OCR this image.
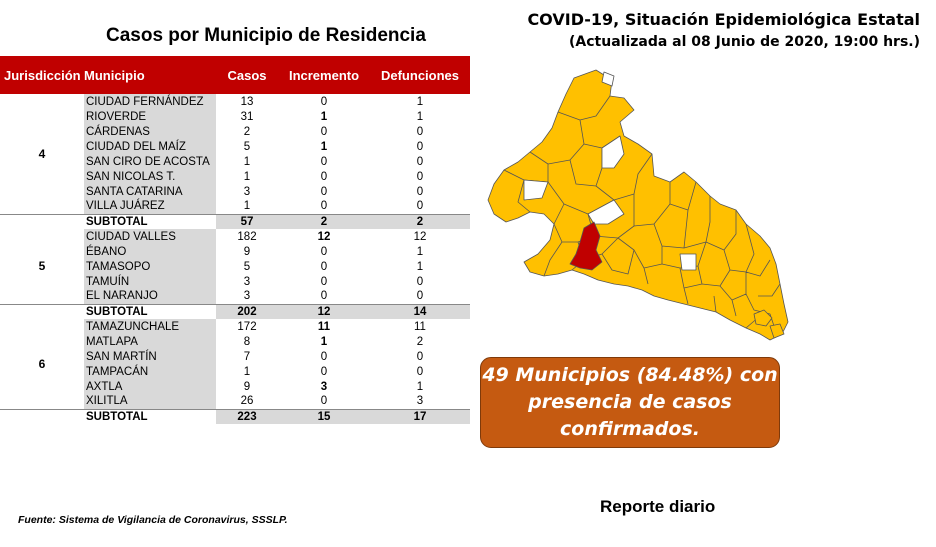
Casos por Municipio de Residencia
COVID-19, Situación Epidemiológica Estatal
(Actualizada al 08 Junio de 2020, 19:00 hrs.)
Jurisdicción	Municipio	Casos	Incremento	Defunciones
4	CIUDAD FERNÁNDEZ	13	0	1
	RIOVERDE	31	1	1
	CÁRDENAS	2	0	0
	CIUDAD DEL MAÍZ	5	1	0
	SAN CIRO DE ACOSTA	1	0	0
	SAN NICOLAS T.	1	0	0
	SANTA CATARINA	3	0	0
	VILLA JUÁREZ	1	0	0
	SUBTOTAL	57	2	2
5	CIUDAD VALLES	182	12	12
	ÉBANO	9	0	1
	TAMASOPO	5	0	1
	TAMUÍN	3	0	0
	EL NARANJO	3	0	0
	SUBTOTAL	202	12	14
6	TAMAZUNCHALE	172	11	11
	MATLAPA	8	1	2
	SAN MARTÍN	7	0	0
	TAMPACÁN	1	0	0
	AXTLA	9	3	1
	XILITLA	26	0	3
	SUBTOTAL	223	15	17
49 Municipios (84.48%) con presencia de casos confirmados.
Reporte diario
Fuente: Sistema de Vigilancia de Coronavirus, SSSLP.
